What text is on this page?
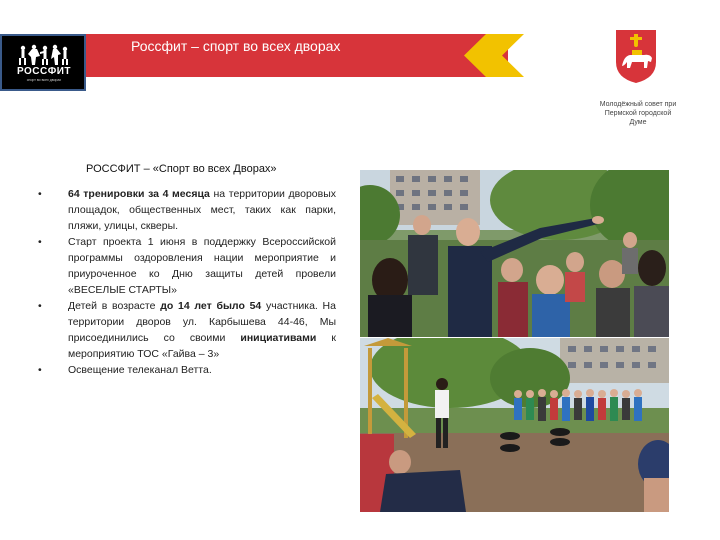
Россфит – спорт во всех дворах
РОССФИТ
спорт во всех дворах
Молодёжный совет при
Пермской городской
Думе
РОССФИТ – «Спорт во всех Дворах»
• 64 тренировки за 4 месяца на территории дворовых площадок, общественных мест, таких как парки, пляжи, улицы, скверы.
• Старт проекта 1 июня в поддержку Всероссийской программы оздоровления нации мероприятие и приуроченное ко Дню защиты детей провели «ВЕСЕЛЫЕ СТАРТЫ»
• Детей в возрасте до 14 лет было 54 участника. На территории дворов ул. Карбышева 44-46, Мы присоединились со своими инициативами к мероприятию ТОС «Гайва – 3»
• Освещение телеканал Ветта.
